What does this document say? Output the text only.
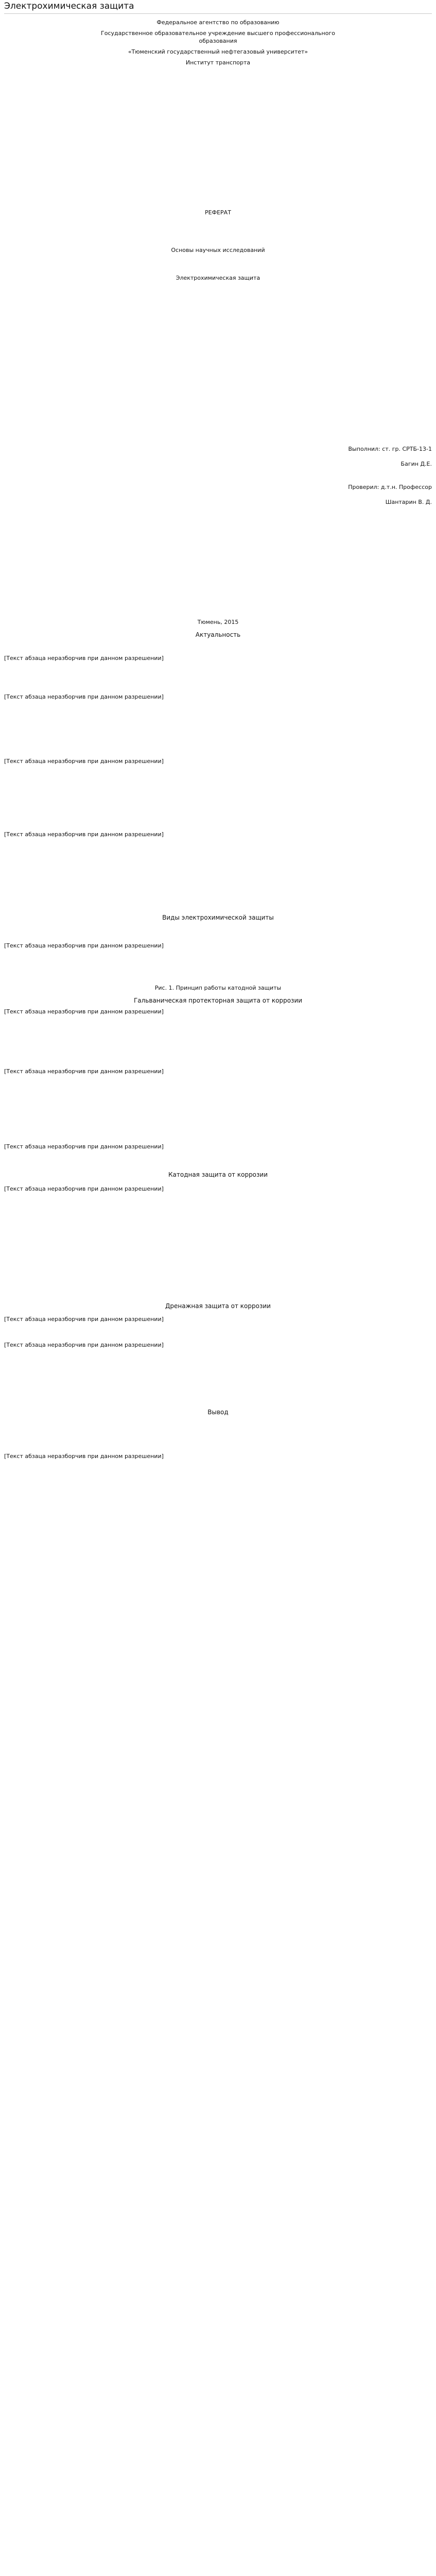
Электрохимическая защита

Федеральное агентство по образованию

Государственное образовательное учреждение высшего профессионального

образования

«Тюменский государственный нефтегазовый университет»

Институт транспорта

РЕФЕРАТ

Основы научных исследований

Электрохимическая защита

Выполнил: ст. гр. СРТБ-13-1

Багин Д.Е.

Проверил: д.т.н. Профессор

Шантарин В. Д.

Тюмень, 2015

Актуальность

[Текст абзаца неразборчив при данном разрешении]

[Текст абзаца неразборчив при данном разрешении]

[Текст абзаца неразборчив при данном разрешении]

[Текст абзаца неразборчив при данном разрешении]

Виды электрохимической защиты

[Текст абзаца неразборчив при данном разрешении]

Рис. 1. Принцип работы катодной защиты

Гальваническая протекторная защита от коррозии

[Текст абзаца неразборчив при данном разрешении]

[Текст абзаца неразборчив при данном разрешении]

[Текст абзаца неразборчив при данном разрешении]

Катодная защита от коррозии

[Текст абзаца неразборчив при данном разрешении]

Дренажная защита от коррозии

[Текст абзаца неразборчив при данном разрешении]

[Текст абзаца неразборчив при данном разрешении]

Вывод

[Текст абзаца неразборчив при данном разрешении]
